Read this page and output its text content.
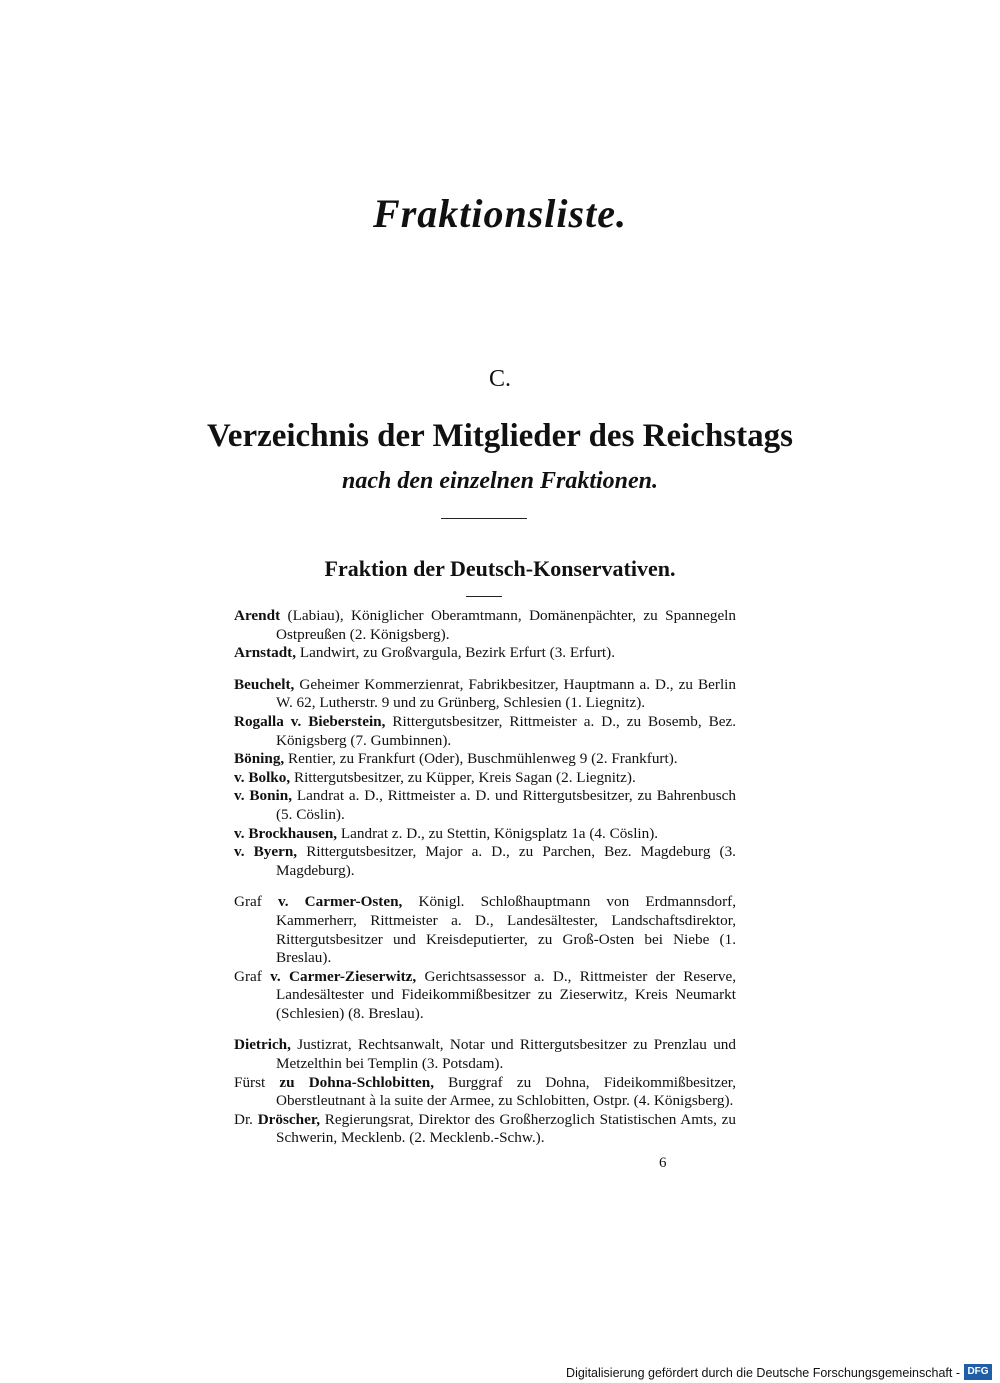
Fraktionsliste.
C.
Verzeichnis der Mitglieder des Reichstags
nach den einzelnen Fraktionen.
Fraktion der Deutsch-Konservativen.

Arendt (Labiau), Königlicher Oberamtmann, Domänenpächter, zu Spannegeln Ostpreußen (2. Königsberg).

Arnstadt, Landwirt, zu Großvargula, Bezirk Erfurt (3. Erfurt).

Beuchelt, Geheimer Kommerzienrat, Fabrikbesitzer, Hauptmann a. D., zu Berlin W. 62, Lutherstr. 9 und zu Grünberg, Schlesien (1. Liegnitz).

Rogalla v. Bieberstein, Rittergutsbesitzer, Rittmeister a. D., zu Bosemb, Bez. Königsberg (7. Gumbinnen).

Böning, Rentier, zu Frankfurt (Oder), Buschmühlenweg 9 (2. Frankfurt).

v. Bolko, Rittergutsbesitzer, zu Küpper, Kreis Sagan (2. Liegnitz).

v. Bonin, Landrat a. D., Rittmeister a. D. und Rittergutsbesitzer, zu Bahrenbusch (5. Cöslin).

v. Brockhausen, Landrat z. D., zu Stettin, Königsplatz 1a (4. Cöslin).

v. Byern, Rittergutsbesitzer, Major a. D., zu Parchen, Bez. Magdeburg (3. Magdeburg).

Graf v. Carmer-Osten, Königl. Schloßhauptmann von Erdmannsdorf, Kammerherr, Rittmeister a. D., Landesältester, Landschaftsdirektor, Rittergutsbesitzer und Kreisdeputierter, zu Groß-Osten bei Niebe (1. Breslau).

Graf v. Carmer-Zieserwitz, Gerichtsassessor a. D., Rittmeister der Reserve, Landesältester und Fideikommißbesitzer zu Zieserwitz, Kreis Neumarkt (Schlesien) (8. Breslau).

Dietrich, Justizrat, Rechtsanwalt, Notar und Rittergutsbesitzer zu Prenzlau und Metzelthin bei Templin (3. Potsdam).

Fürst zu Dohna-Schlobitten, Burggraf zu Dohna, Fideikommißbesitzer, Oberstleutnant à la suite der Armee, zu Schlobitten, Ostpr. (4. Königsberg).

Dr. Dröscher, Regierungsrat, Direktor des Großherzoglich Statistischen Amts, zu Schwerin, Mecklenb. (2. Mecklenb.-Schw.).

6
Digitalisierung gefördert durch die Deutsche Forschungsgemeinschaft - DFG
